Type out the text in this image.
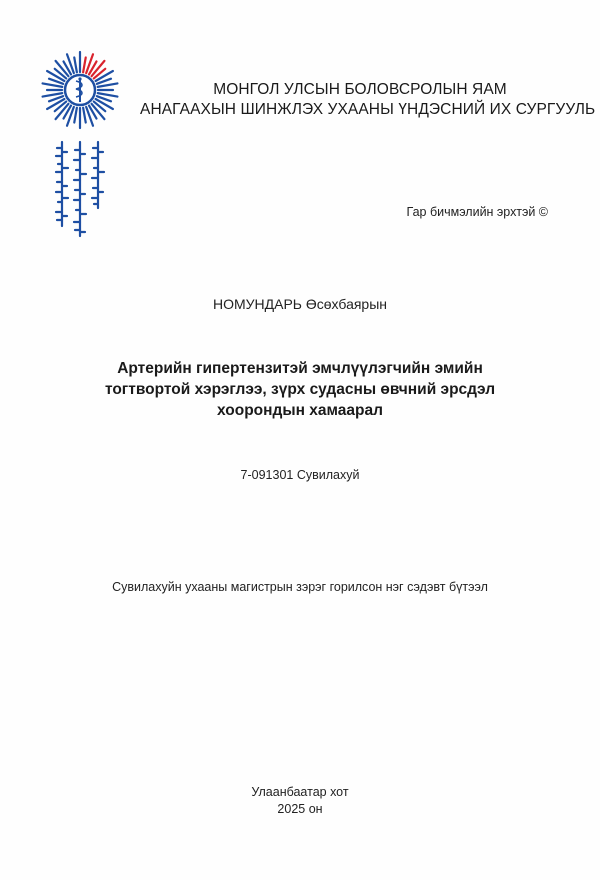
МОНГОЛ УЛСЫН БОЛОВСРОЛЫН ЯАМ
АНАГААХЫН ШИНЖЛЭХ УХААНЫ ҮНДЭСНИЙ ИХ СУРГУУЛЬ
Гар бичмэлийн эрхтэй ©
НОМУНДАРЬ Өсөхбаярын
Артерийн гипертензитэй эмчлүүлэгчийн эмийн
тогтвортой хэрэглээ, зүрх судасны өвчний эрсдэл
хоорондын хамаарал
7-091301 Сувилахуй
Сувилахуйн ухааны магистрын зэрэг горилсон нэг сэдэвт бүтээл
Улаанбаатар хот
2025 он
